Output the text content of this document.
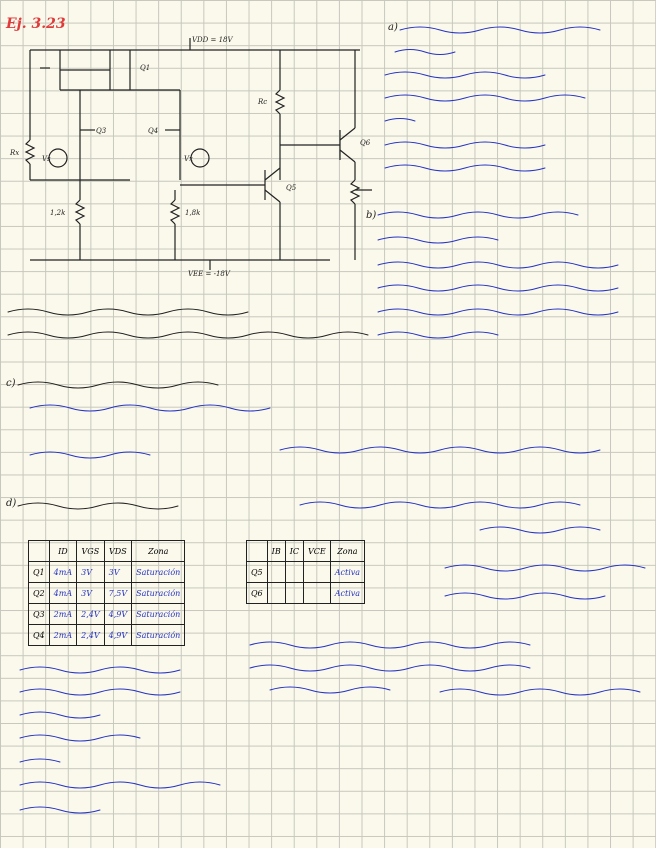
Ej. 3.23
VDD = 18V
VEE = -18V
Rc
Rx
1,2k	1,8k
Q1
Q3	Q4
Q5
Q6
Vs	Vx
a)
b)
c)
d)
	ID	VGS	VDS	Zona
Q1	4mA	3V	3V	Saturación
Q2	4mA	3V	7,5V	Saturación
Q3	2mA	2,4V	4,9V	Saturación
Q4	2mA	2,4V	4,9V	Saturación
	IB	IC	VCE	Zona
Q5				Activa
Q6				Activa
